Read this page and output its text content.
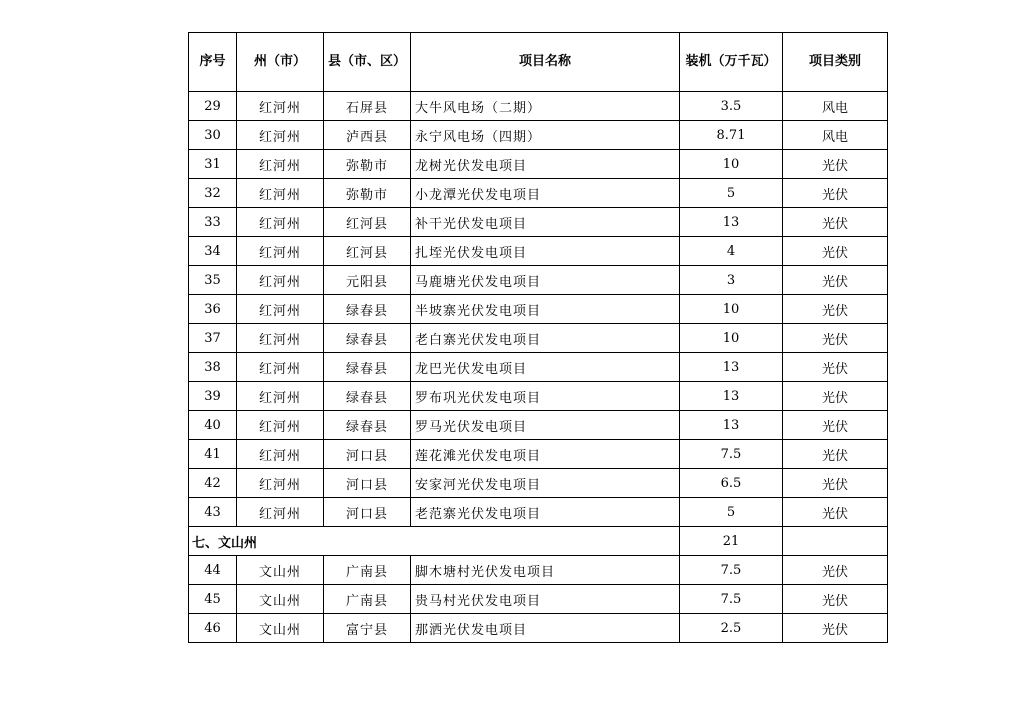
序号	州（市）	县（市、区）	项目名称	装机（万千瓦）	项目类别
29	红河州	石屏县	大牛风电场（二期）	3.5	风电
30	红河州	泸西县	永宁风电场（四期）	8.71	风电
31	红河州	弥勒市	龙树光伏发电项目	10	光伏
32	红河州	弥勒市	小龙潭光伏发电项目	5	光伏
33	红河州	红河县	补干光伏发电项目	13	光伏
34	红河州	红河县	扎垤光伏发电项目	4	光伏
35	红河州	元阳县	马鹿塘光伏发电项目	3	光伏
36	红河州	绿春县	半坡寨光伏发电项目	10	光伏
37	红河州	绿春县	老白寨光伏发电项目	10	光伏
38	红河州	绿春县	龙巴光伏发电项目	13	光伏
39	红河州	绿春县	罗布巩光伏发电项目	13	光伏
40	红河州	绿春县	罗马光伏发电项目	13	光伏
41	红河州	河口县	莲花滩光伏发电项目	7.5	光伏
42	红河州	河口县	安家河光伏发电项目	6.5	光伏
43	红河州	河口县	老范寨光伏发电项目	5	光伏
七、文山州				21	
44	文山州	广南县	脚木塘村光伏发电项目	7.5	光伏
45	文山州	广南县	贵马村光伏发电项目	7.5	光伏
46	文山州	富宁县	那洒光伏发电项目	2.5	光伏
